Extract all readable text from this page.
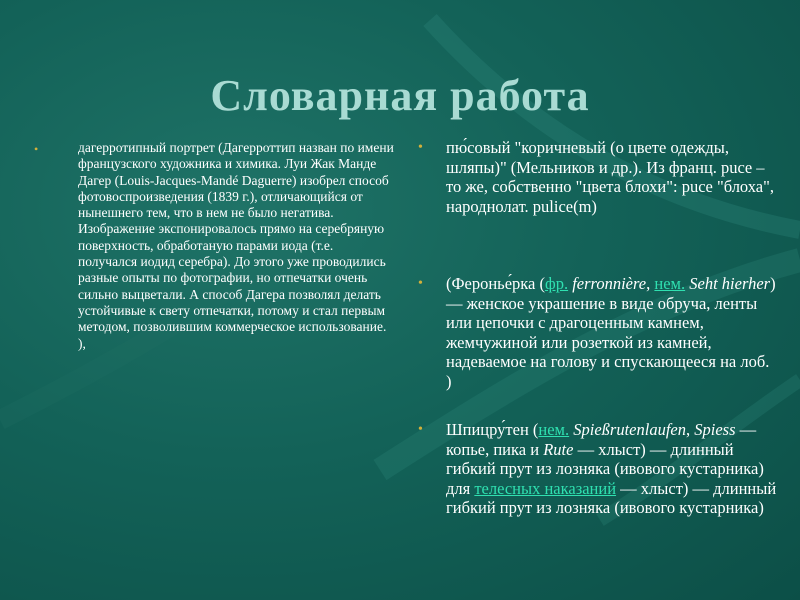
Словарная работа
•	дагерротипный портрет (Дагерроттип назван по имени французского художника и химика. Луи Жак Манде Дагер (Louis-Jacques-Mandé Daguerre) изобрел способ фотовоспроизведения (1839 г.), отличающийся от нынешнего тем, что в нем не было негатива. Изображение экспонировалось прямо на серебряную поверхность, обработаную парами иода (т.е. получался иодид серебра). До этого уже проводились разные опыты по фотографии, но отпечатки очень сильно выцветали. А способ Дагера позволял делать устойчивые к свету отпечатки, потому и стал первым методом, позволившим коммерческое использование. ),

• пю́совый "коричневый (о цвете одежды, шляпы)" (Мельников и др.). Из франц. рuce – то же, собственно "цвета блохи": рuce "блоха", народнолат. рulice(m)

• (Феронье́рка (фр. ferronnière, нем. Seht hierher) — женское украшение в виде обруча, ленты или цепочки с драгоценным камнем, жемчужиной или розеткой из камней, надеваемое на голову и спускающееся на лоб. )

• Шпицру́тен (нем. Spießrutenlaufen, Spiess — копье, пика и Rute — хлыст) — длинный гибкий прут из лозняка (ивового кустарника) для телесных наказаний — хлыст) — длинный гибкий прут из лозняка (ивового кустарника)
